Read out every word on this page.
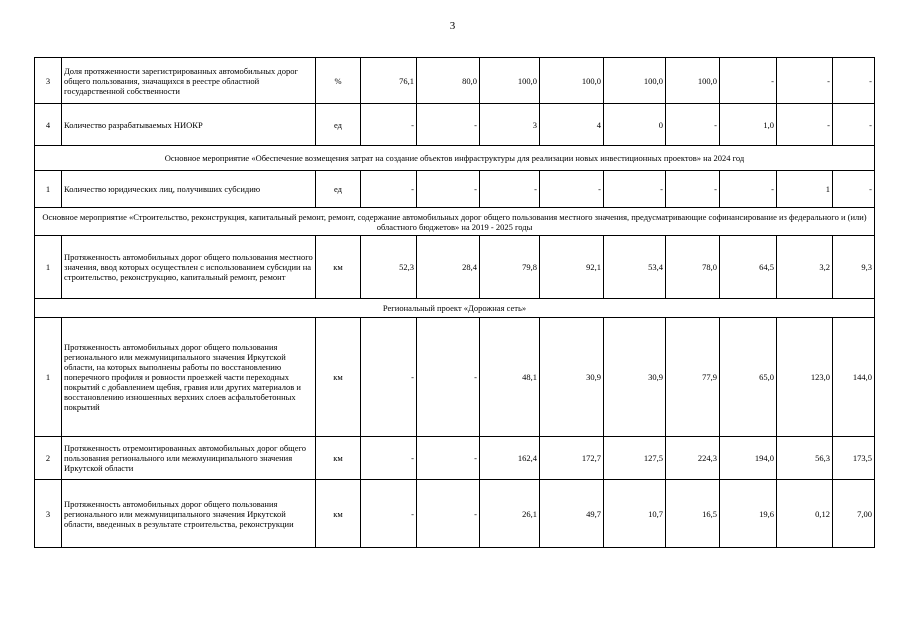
3
3	Доля протяженности зарегистрированных автомобильных дорог общего пользования, значащихся в реестре областной государственной собственности	%	76,1	80,0	100,0	100,0	100,0	100,0	-	-	-
4	Количество разрабатываемых НИОКР	ед	-	-	3	4	0	-	1,0	-	-
Основное мероприятие «Обеспечение возмещения затрат на создание объектов инфраструктуры для реализации новых инвестиционных проектов» на 2024 год											
1	Количество юридических лиц, получивших субсидию	ед	-	-	-	-	-	-	-	1	-
Основное мероприятие «Строительство, реконструкция, капитальный ремонт, ремонт, содержание автомобильных дорог общего пользования местного значения, предусматривающие софинансирование из федерального и (или) областного бюджетов» на 2019 - 2025 годы											
1	Протяженность автомобильных дорог общего пользования местного значения, ввод которых осуществлен с использованием субсидии на строительство, реконструкцию, капитальный ремонт, ремонт	км	52,3	28,4	79,8	92,1	53,4	78,0	64,5	3,2	9,3
Региональный проект «Дорожная сеть»											
1	Протяженность автомобильных дорог общего пользования регионального или межмуниципального значения Иркутской области, на которых выполнены работы по восстановлению поперечного профиля и ровности проезжей части переходных покрытий с добавлением щебня, гравия или других материалов и восстановлению изношенных верхних слоев асфальтобетонных покрытий	км	-	-	48,1	30,9	30,9	77,9	65,0	123,0	144,0
2	Протяженность отремонтированных автомобильных дорог общего пользования регионального или межмуниципального значения Иркутской области	км	-	-	162,4	172,7	127,5	224,3	194,0	56,3	173,5
3	Протяженность автомобильных дорог общего пользования регионального или межмуниципального значения Иркутской области, введенных в результате строительства, реконструкции	км	-	-	26,1	49,7	10,7	16,5	19,6	0,12	7,00
